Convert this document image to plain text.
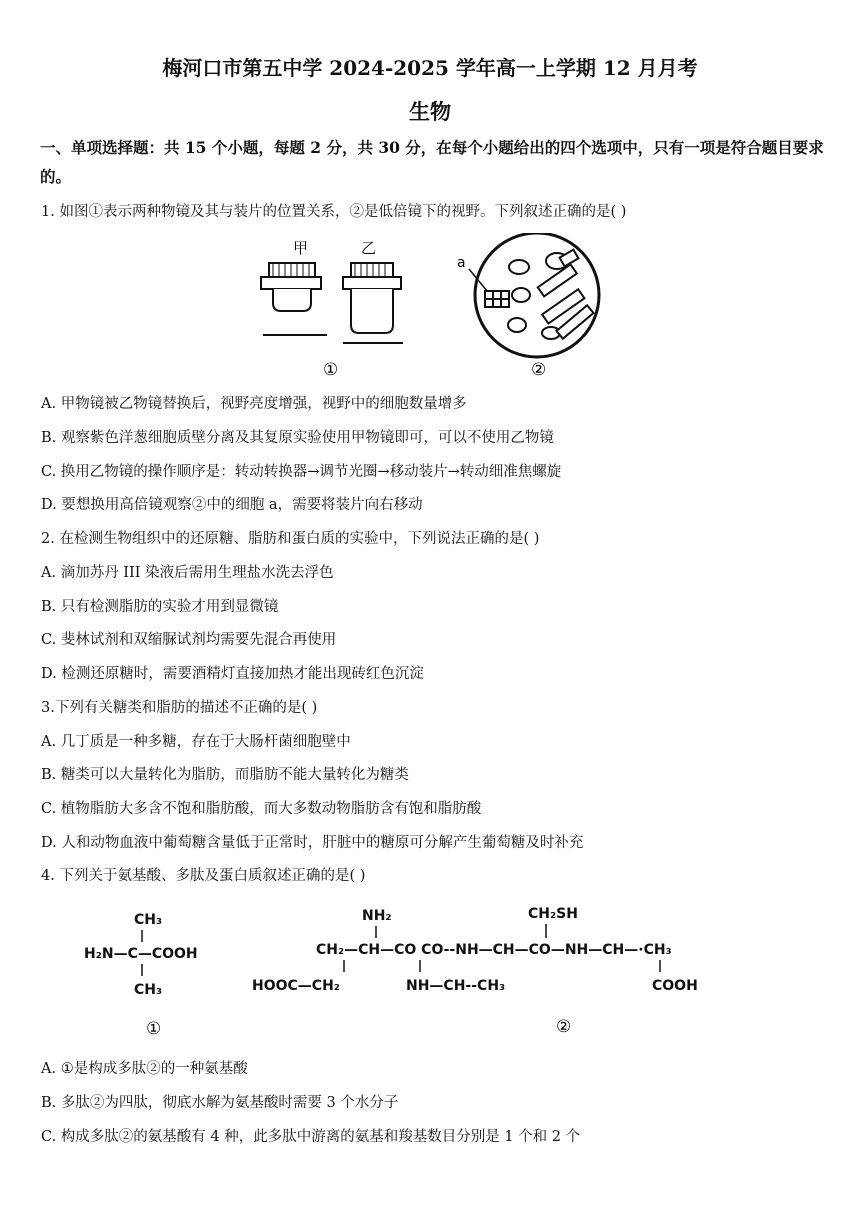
梅河口市第五中学 2024-2025 学年高一上学期 12 月月考
生物
一、单项选择题：共 15 个小题，每题 2 分，共 30 分，在每个小题给出的四个选项中，只有一项是符合题目要求的。
1. 如图①表示两种物镜及其与装片的位置关系，②是低倍镜下的视野。下列叙述正确的是( )
甲	乙
①
a
②
A. 甲物镜被乙物镜替换后，视野亮度增强，视野中的细胞数量增多
B. 观察紫色洋葱细胞质壁分离及其复原实验使用甲物镜即可，可以不使用乙物镜
C. 换用乙物镜的操作顺序是：转动转换器→调节光圈→移动装片→转动细准焦螺旋
D. 要想换用高倍镜观察②中的细胞 a，需要将装片向右移动
2. 在检测生物组织中的还原糖、脂肪和蛋白质的实验中，下列说法正确的是( )
A. 滴加苏丹 III 染液后需用生理盐水洗去浮色
B. 只有检测脂肪的实验才用到显微镜
C. 斐林试剂和双缩脲试剂均需要先混合再使用
D. 检测还原糖时，需要酒精灯直接加热才能出现砖红色沉淀
3.下列有关糖类和脂肪的描述不正确的是( )
A. 几丁质是一种多糖，存在于大肠杆菌细胞壁中
B. 糖类可以大量转化为脂肪，而脂肪不能大量转化为糖类
C. 植物脂肪大多含不饱和脂肪酸，而大多数动物脂肪含有饱和脂肪酸
D. 人和动物血液中葡萄糖含量低于正常时，肝脏中的糖原可分解产生葡萄糖及时补充
4. 下列关于氨基酸、多肽及蛋白质叙述正确的是( )
CH₃
H₂N—C—COOH
CH₃
NH₂	CH₂SH
CH₂—CH—CO CO--NH—CH—CO—NH—CH—·CH₃
HOOC—CH₂	NH—CH--CH₃	COOH
①	②
A. ①是构成多肽②的一种氨基酸
B. 多肽②为四肽，彻底水解为氨基酸时需要 3 个水分子
C. 构成多肽②的氨基酸有 4 种，此多肽中游离的氨基和羧基数目分别是 1 个和 2 个
